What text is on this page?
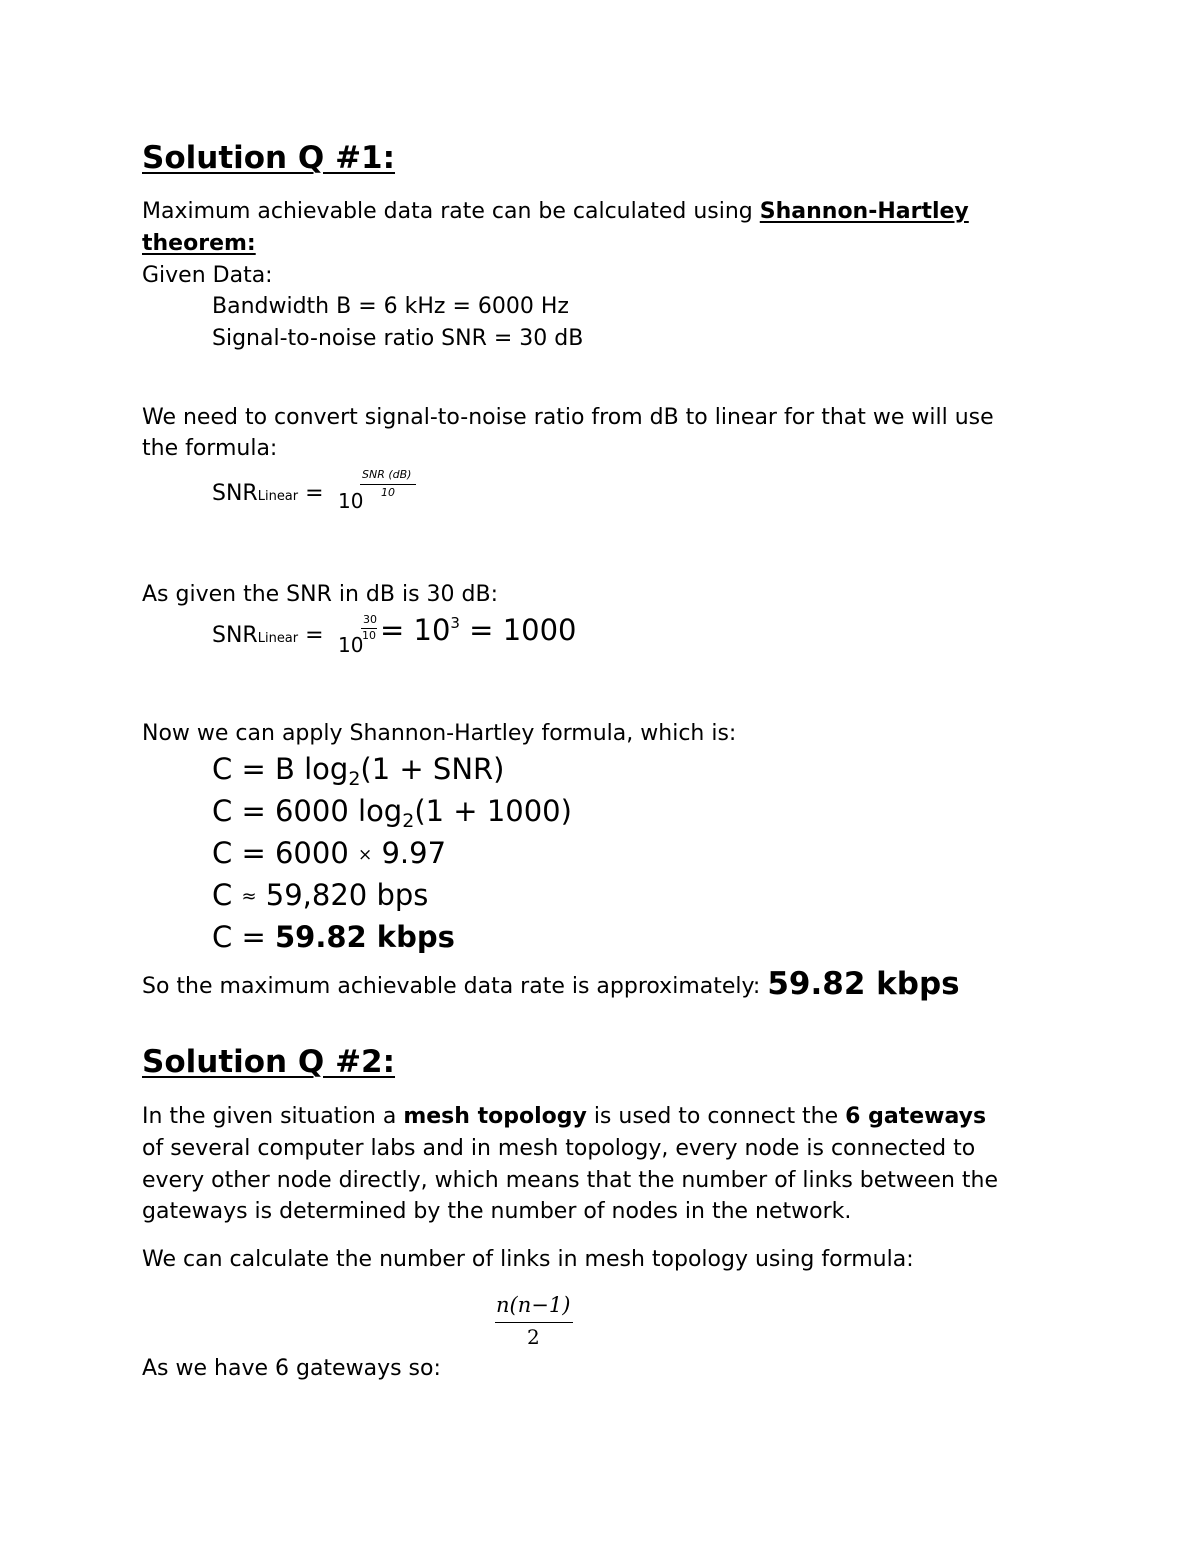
Solution Q #1:
Maximum achievable data rate can be calculated using Shannon-Hartley
theorem:
Given Data:
Bandwidth B = 6 kHz = 6000 Hz
Signal-to-noise ratio SNR = 30 dB
We need to convert signal-to-noise ratio from dB to linear for that we will use
the formula:
SNRLinear = 10
SNR (dB)
10
As given the SNR in dB is 30 dB:
SNRLinear = 10
30
$10 = 10^3 = 1000$
Now we can apply Shannon-Hartley formula, which is:
C = B $\log_2(1 + SNR)$
C = 6000 $\log_2(1 + 1000)$
C = 6000 × 9.97
C ≈ 59,820 bps
C = 59.82 kbps
So the maximum achievable data rate is approximately: 59.82 kbps
Solution Q #2:
In the given situation a mesh topology is used to connect the 6 gateways
of several computer labs and in mesh topology, every node is connected to
every other node directly, which means that the number of links between the
gateways is determined by the number of nodes in the network.
We can calculate the number of links in mesh topology using formula:
n(n−1)
2
As we have 6 gateways so:
